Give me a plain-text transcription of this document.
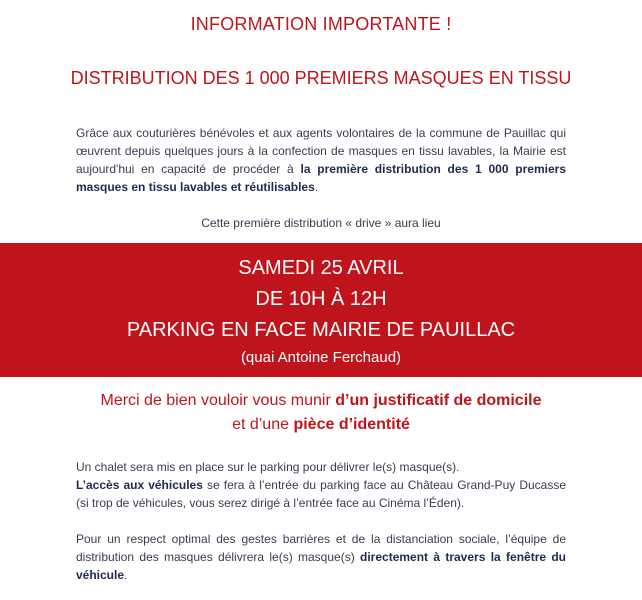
INFORMATION IMPORTANTE !
DISTRIBUTION DES 1 000 PREMIERS MASQUES EN TISSU
Grâce aux couturières bénévoles et aux agents volontaires de la commune de Pauillac qui œuvrent depuis quelques jours à la confection de masques en tissu lavables, la Mairie est aujourd'hui en capacité de procéder à la première distribution des 1 000 premiers masques en tissu lavables et réutilisables.
Cette première distribution « drive » aura lieu
SAMEDI 25 AVRIL
DE 10H À 12H
PARKING EN FACE MAIRIE DE PAUILLAC
(quai Antoine Ferchaud)
Merci de bien vouloir vous munir d’un justificatif de domicile
et d’une pièce d’identité
Un chalet sera mis en place sur le parking pour délivrer le(s) masque(s).
L’accès aux véhicules se fera à l’entrée du parking face au Château Grand-Puy Ducasse (si trop de véhicules, vous serez dirigé à l’entrée face au Cinéma l’Éden).
Pour un respect optimal des gestes barrières et de la distanciation sociale, l’équipe de distribution des masques délivrera le(s) masque(s) directement à travers la fenêtre du véhicule.
